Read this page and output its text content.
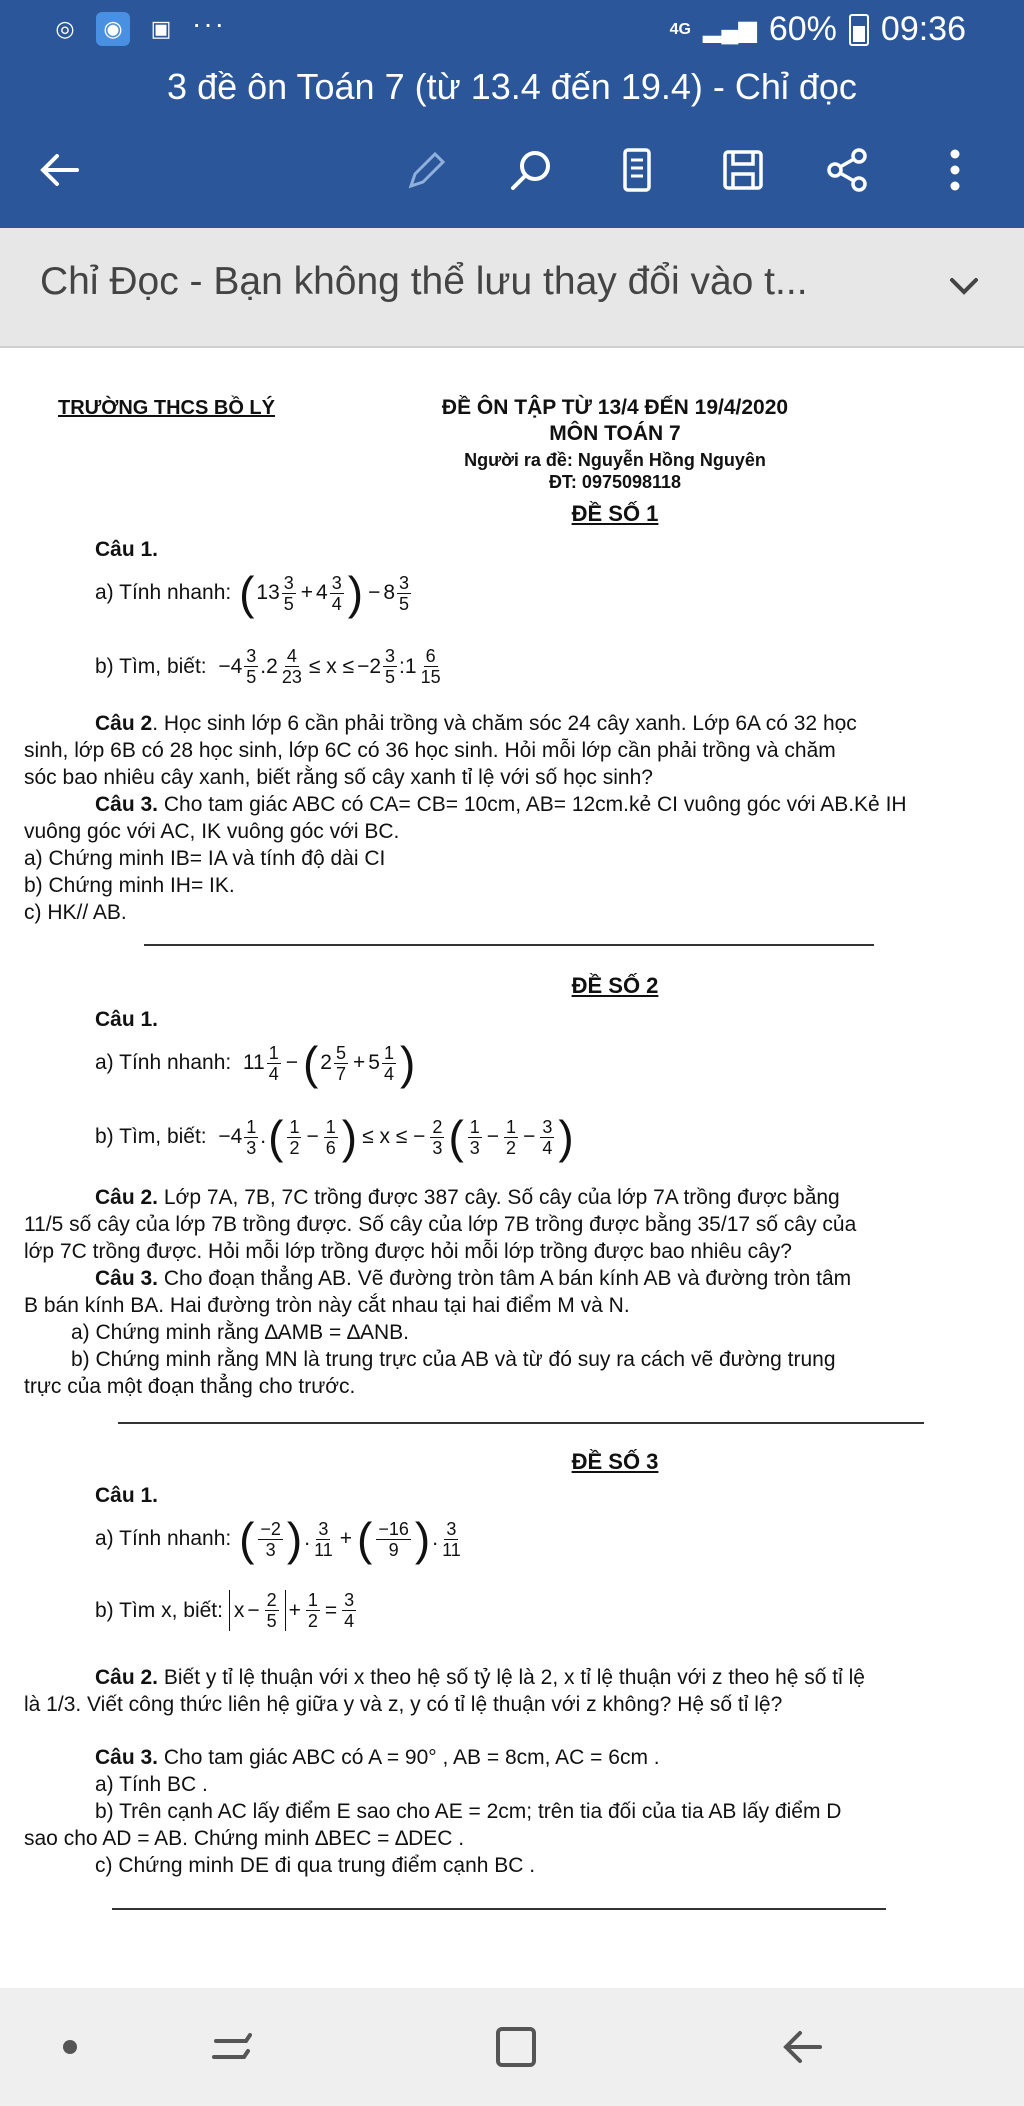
◎	◉	▣ ···	4G ▂▄▆ 60% 09:36
3 đề ôn Toán 7 (từ 13.4 đến 19.4) - Chỉ đọc
Chỉ Đọc - Bạn không thể lưu thay đổi vào t...
TRƯỜNG THCS BỒ LÝ	ĐỀ ÔN TẬP TỪ 13/4 ĐẾN 19/4/2020
MÔN TOÁN 7
Người ra đề: Nguyễn Hồng Nguyên
ĐT: 0975098118
ĐỀ SỐ 1
Câu 1.
a) Tính nhanh:
( $13 \frac{3}{5} + 4 \frac{3}{4}$ ) − $8 \frac{3}{5}$
b) Tìm, biết: $-4 \frac{3}{5} .2 \frac{4}{23} \le x \le -2 \frac{3}{5}$ :1 $\frac{6}{15}$
Câu 2. Học sinh lớp 6 cần phải trồng và chăm sóc 24 cây xanh. Lớp 6A có 32 học
sinh, lớp 6B có 28 học sinh, lớp 6C có 36 học sinh. Hỏi mỗi lớp cần phải trồng và chăm
sóc bao nhiêu cây xanh, biết rằng số cây xanh tỉ lệ với số học sinh?
Câu 3. Cho tam giác ABC có CA= CB= 10cm, AB= 12cm.kẻ CI vuông góc với AB.Kẻ IH
vuông góc với AC, IK vuông góc với BC.
a) Chứng minh IB= IA và tính độ dài CI
b) Chứng minh IH= IK.
c) HK// AB.
ĐỀ SỐ 2
Câu 1.
a) Tính nhanh: $11 \frac{1}{4}$ − ( $2 \frac{5}{7} + 5 \frac{1}{4}$ )
b) Tìm, biết: $-4 \frac{1}{3}$ . ( $\frac{1}{2} - \frac{1}{6}$ ) ≤ x ≤ − $\frac{2}{3}$ ( $\frac{1}{3} - \frac{1}{2} - \frac{3}{4}$ )
Câu 2. Lớp 7A, 7B, 7C trồng được 387 cây. Số cây của lớp 7A trồng được bằng
11/5 số cây của lớp 7B trồng được. Số cây của lớp 7B trồng được bằng 35/17 số cây của
lớp 7C trồng được. Hỏi mỗi lớp trồng được hỏi mỗi lớp trồng được bao nhiêu cây?
Câu 3. Cho đoạn thẳng AB. Vẽ đường tròn tâm A bán kính AB và đường tròn tâm
B bán kính BA. Hai đường tròn này cắt nhau tại hai điểm M và N.
a) Chứng minh rằng ∆AMB = ∆ANB.
b) Chứng minh rằng MN là trung trực của AB và từ đó suy ra cách vẽ đường trung
trực của một đoạn thẳng cho trước.
ĐỀ SỐ 3
Câu 1.
a) Tính nhanh:
( $\frac{-2}{3}$ ) . $\frac{3}{11}$ + ( $\frac{-16}{9}$ ) . $\frac{3}{11}$
b) Tìm x, biết:
$x - \frac{2}{5} + \frac{1}{2} = \frac{3}{4}$
Câu 2. Biết y tỉ lệ thuận với x theo hệ số tỷ lệ là 2, x tỉ lệ thuận với z theo hệ số tỉ lệ
là 1/3. Viết công thức liên hệ giữa y và z, y có tỉ lệ thuận với z không? Hệ số tỉ lệ?
Câu 3. Cho tam giác ABC có A = 90° , AB = 8cm, AC = 6cm .
a) Tính BC .
b) Trên cạnh AC lấy điểm E sao cho AE = 2cm; trên tia đối của tia AB lấy điểm D
sao cho AD = AB. Chứng minh ∆BEC = ∆DEC .
c) Chứng minh DE đi qua trung điểm cạnh BC .
